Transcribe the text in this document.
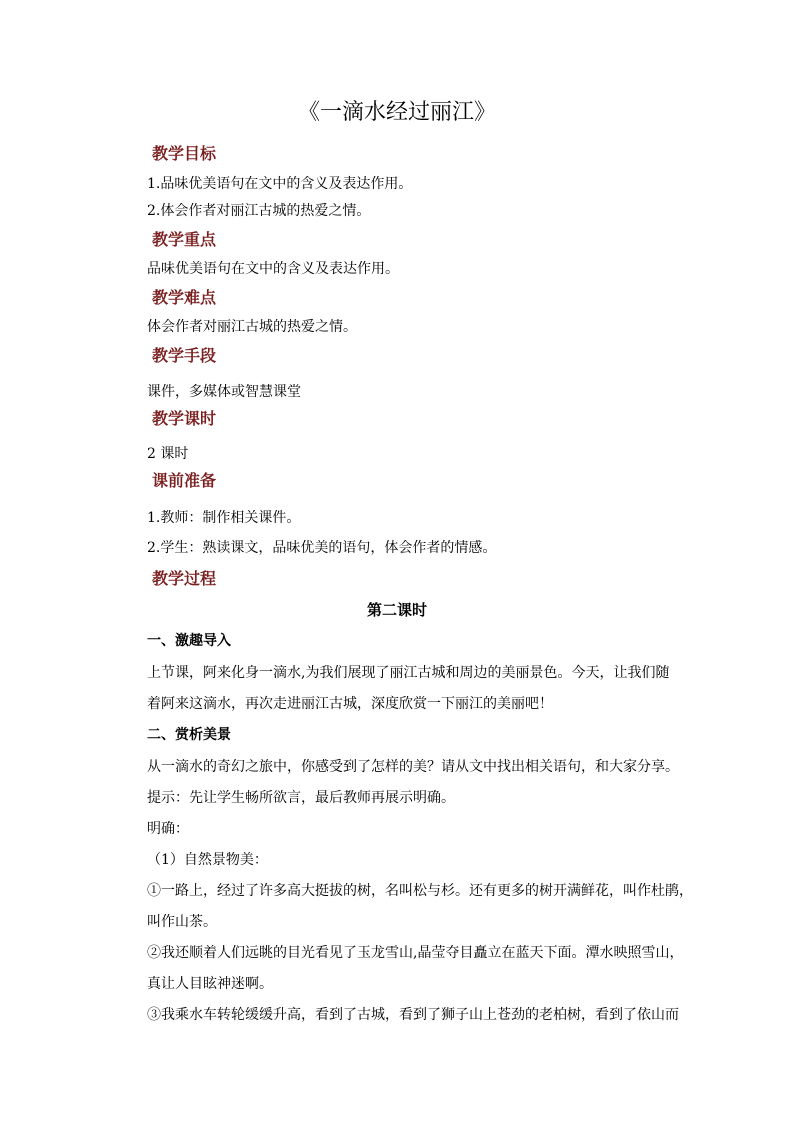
《一滴水经过丽江》
教学目标
1.品味优美语句在文中的含义及表达作用。
2.体会作者对丽江古城的热爱之情。
教学重点
品味优美语句在文中的含义及表达作用。
教学难点
体会作者对丽江古城的热爱之情。
教学手段
课件，多媒体或智慧课堂
教学课时
2 课时
课前准备
1.教师：制作相关课件。
2.学生：熟读课文，品味优美的语句，体会作者的情感。
教学过程
第二课时
一、激趣导入
上节课，阿来化身一滴水,为我们展现了丽江古城和周边的美丽景色。今天，让我们随
着阿来这滴水，再次走进丽江古城，深度欣赏一下丽江的美丽吧！
二、赏析美景
从一滴水的奇幻之旅中，你感受到了怎样的美？请从文中找出相关语句，和大家分享。
提示：先让学生畅所欲言，最后教师再展示明确。
明确：
（1）自然景物美：
①一路上，经过了许多高大挺拔的树，名叫松与杉。还有更多的树开满鲜花，叫作杜鹃，
叫作山茶。
②我还顺着人们远眺的目光看见了玉龙雪山,晶莹夺目矗立在蓝天下面。潭水映照雪山，
真让人目眩神迷啊。
③我乘水车转轮缓缓升高，看到了古城，看到了狮子山上苍劲的老柏树，看到了依山而
